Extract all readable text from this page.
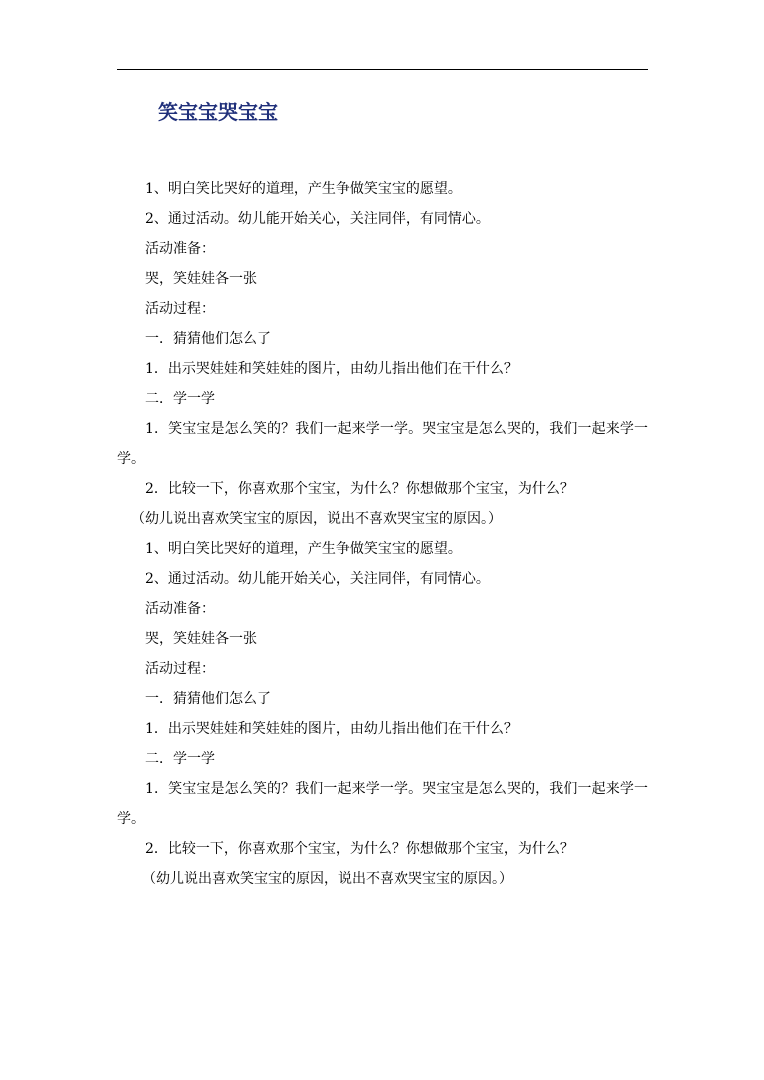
笑宝宝哭宝宝

1、明白笑比哭好的道理，产生争做笑宝宝的愿望。

2、通过活动。幼儿能开始关心，关注同伴，有同情心。

活动准备：

哭，笑娃娃各一张

活动过程：

一．猜猜他们怎么了

1．出示哭娃娃和笑娃娃的图片，由幼儿指出他们在干什么？

二．学一学

1．笑宝宝是怎么笑的？我们一起来学一学。哭宝宝是怎么哭的，我们一起来学一学。

2．比较一下，你喜欢那个宝宝，为什么？你想做那个宝宝，为什么？

（幼儿说出喜欢笑宝宝的原因，说出不喜欢哭宝宝的原因。）

1、明白笑比哭好的道理，产生争做笑宝宝的愿望。

2、通过活动。幼儿能开始关心，关注同伴，有同情心。

活动准备：

哭，笑娃娃各一张

活动过程：

一．猜猜他们怎么了

1．出示哭娃娃和笑娃娃的图片，由幼儿指出他们在干什么？

二．学一学

1．笑宝宝是怎么笑的？我们一起来学一学。哭宝宝是怎么哭的，我们一起来学一学。

2．比较一下，你喜欢那个宝宝，为什么？你想做那个宝宝，为什么？

（幼儿说出喜欢笑宝宝的原因，说出不喜欢哭宝宝的原因。）
